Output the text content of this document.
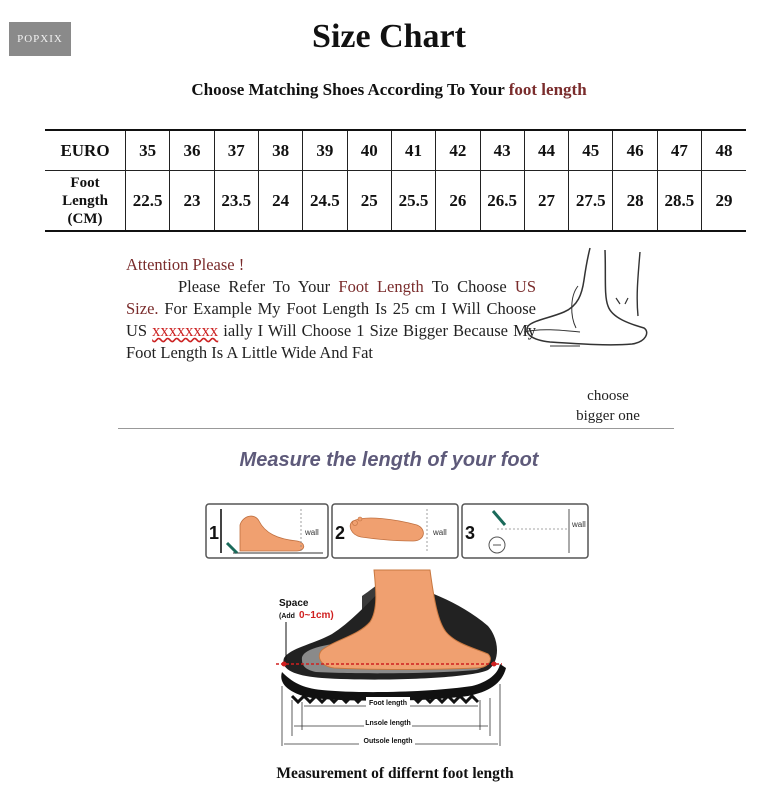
POPXIX	Size Chart
Choose Matching Shoes According To Your foot length
EURO	35	36	37	38	39	40	41	42	43	44	45	46	47	48

Foot
Length
(CM)	22.5	23	23.5	24	24.5	25	25.5	26	26.5	27	27.5	28	28.5	29
Attention Please !
Please Refer To Your Foot Length To Choose US Size. For Example My Foot Length Is 25 cm I Will Choose US xxxxxxxx ially I Will Choose 1 Size Bigger Because My Foot Length Is A Little Wide And Fat
choose
bigger one
Measure the length of your foot
1	wall 2	wall 3	wall
Space
(Add 0~1cm)
Foot length
Lnsole length
Outsole length
Measurement of differnt foot length
